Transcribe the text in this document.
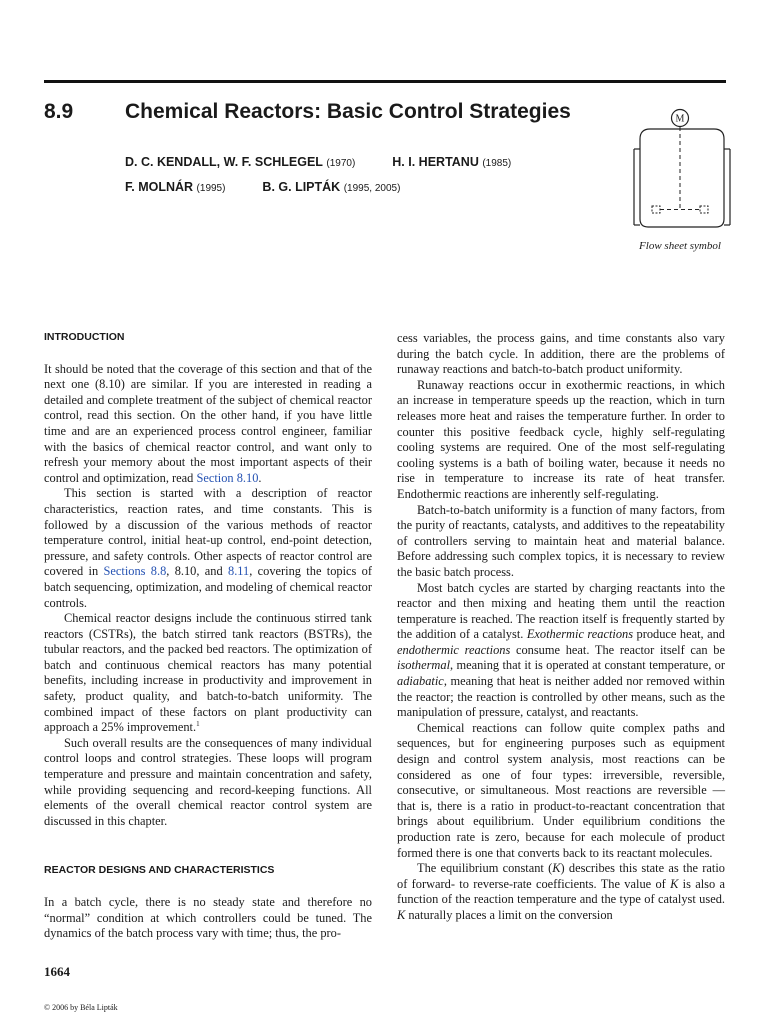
8.9 Chemical Reactors: Basic Control Strategies
D. C. KENDALL, W. F. SCHLEGEL (1970)	H. I. HERTANU (1985)
F. MOLNÁR (1995)	B. G. LIPTÁK (1995, 2005)
M
Flow sheet symbol
INTRODUCTION

It should be noted that the coverage of this section and that of the next one (8.10) are similar. If you are interested in reading a detailed and complete treatment of the subject of chemical reactor control, read this section. On the other hand, if you have little time and are an experienced process control engineer, familiar with the basics of chemical reactor control, and want only to refresh your memory about the most important aspects of their control and optimization, read Section 8.10.

This section is started with a description of reactor characteristics, reaction rates, and time constants. This is followed by a discussion of the various methods of reactor temperature control, initial heat-up control, end-point detection, pressure, and safety controls. Other aspects of reactor control are covered in Sections 8.8, 8.10, and 8.11, covering the topics of batch sequencing, optimization, and modeling of chemical reactor controls.

Chemical reactor designs include the continuous stirred tank reactors (CSTRs), the batch stirred tank reactors (BSTRs), the tubular reactors, and the packed bed reactors. The optimization of batch and continuous chemical reactors has many potential benefits, including increase in productivity and improvement in safety, product quality, and batch-to-batch uniformity. The combined impact of these factors on plant productivity can approach a 25% improvement.$^1$

Such overall results are the consequences of many individual control loops and control strategies. These loops will program temperature and pressure and maintain concentration and safety, while providing sequencing and record-keeping functions. All elements of the overall chemical reactor control system are discussed in this chapter.

REACTOR DESIGNS AND CHARACTERISTICS

In a batch cycle, there is no steady state and therefore no “normal” condition at which controllers could be tuned. The dynamics of the batch process vary with time; thus, the pro-

cess variables, the process gains, and time constants also vary during the batch cycle. In addition, there are the problems of runaway reactions and batch-to-batch product uniformity.

Runaway reactions occur in exothermic reactions, in which an increase in temperature speeds up the reaction, which in turn releases more heat and raises the temperature further. In order to counter this positive feedback cycle, highly self-regulating cooling systems are required. One of the most self-regulating cooling systems is a bath of boiling water, because it needs no rise in temperature to increase its rate of heat transfer. Endothermic reactions are inherently self-regulating.

Batch-to-batch uniformity is a function of many factors, from the purity of reactants, catalysts, and additives to the repeatability of controllers serving to maintain heat and material balance. Before addressing such complex topics, it is necessary to review the basic batch process.

Most batch cycles are started by charging reactants into the reactor and then mixing and heating them until the reaction temperature is reached. The reaction itself is frequently started by the addition of a catalyst. Exothermic reactions produce heat, and endothermic reactions consume heat. The reactor itself can be isothermal, meaning that it is operated at constant temperature, or adiabatic, meaning that heat is neither added nor removed within the reactor; the reaction is controlled by other means, such as the manipulation of pressure, catalyst, and reactants.

Chemical reactions can follow quite complex paths and sequences, but for engineering purposes such as equipment design and control system analysis, most reactions can be considered as one of four types: irreversible, reversible, consecutive, or simultaneous. Most reactions are reversible — that is, there is a ratio in product-to-reactant concentration that brings about equilibrium. Under equilibrium conditions the production rate is zero, because for each molecule of product formed there is one that converts back to its reactant molecules.

The equilibrium constant (K) describes this state as the ratio of forward- to reverse-rate coefficients. The value of K is also a function of the reaction temperature and the type of catalyst used. K naturally places a limit on the conversion

1664
© 2006 by Béla Lipták
